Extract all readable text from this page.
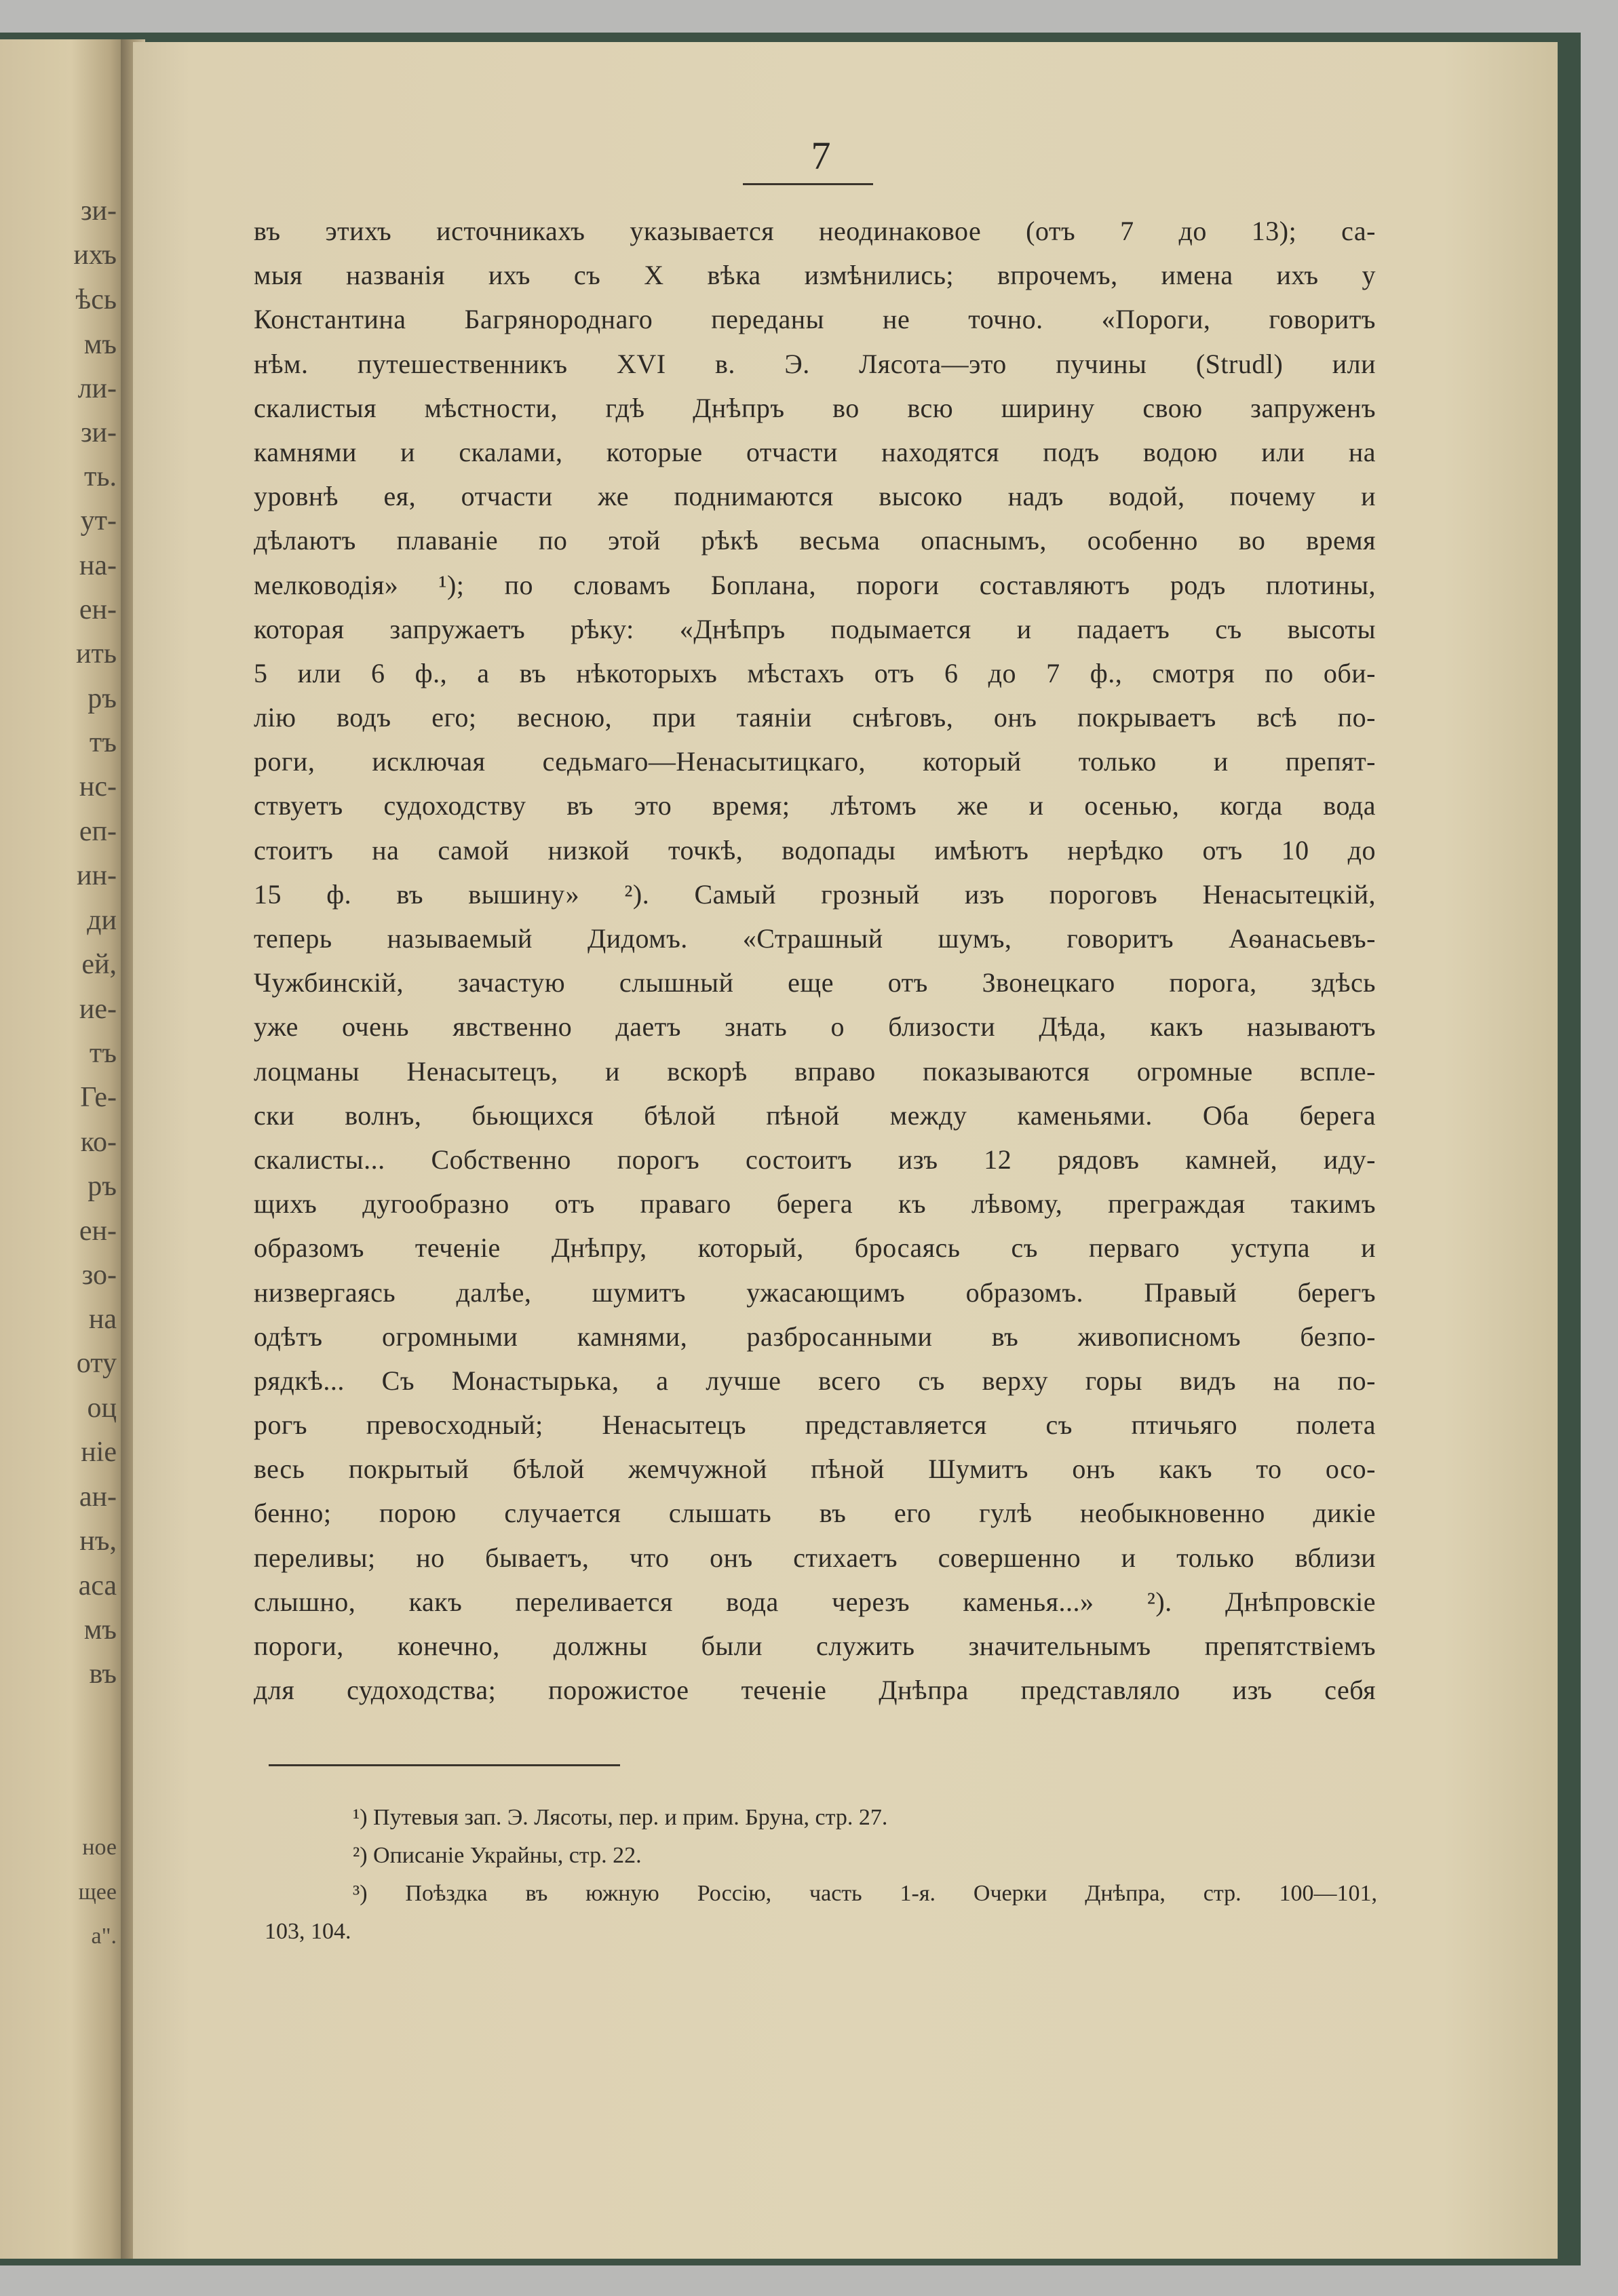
зи-
ихъ
ѣсь
мъ
ли-
зи-
ть.
ут-
на-
ен-
ить
ръ
тъ
нс-
еп-
ин-
ди
ей,
ие-
тъ
Ге-
ко-
ръ
ен-
зо-
на
оту
оц
ніе
ан-
нъ,
аса
мъ
въ
ное
щее
а".
7
въ этихъ источникахъ указывается неодинаковое (отъ 7 до 13); са-
мыя названія ихъ съ X вѣка измѣнились; впрочемъ, имена ихъ у
Константина Багрянороднаго переданы не точно. «Пороги, говоритъ
нѣм. путешественникъ XVI в. Э. Лясота—это пучины (Strudl) или
скалистыя мѣстности, гдѣ Днѣпръ во всю ширину свою запруженъ
камнями и скалами, которые отчасти находятся подъ водою или на
уровнѣ ея, отчасти же поднимаются высоко надъ водой, почему и
дѣлаютъ плаваніе по этой рѣкѣ весьма опаснымъ, особенно во время
мелководія» ¹); по словамъ Боплана, пороги составляютъ родъ плотины,
которая запружаетъ рѣку: «Днѣпръ подымается и падаетъ съ высоты
5 или 6 ф., а въ нѣкоторыхъ мѣстахъ отъ 6 до 7 ф., смотря по оби-
лію водъ его; весною, при таяніи снѣговъ, онъ покрываетъ всѣ по-
роги, исключая седьмаго—Ненасытицкаго, который только и препят-
ствуетъ судоходству въ это время; лѣтомъ же и осенью, когда вода
стоитъ на самой низкой точкѣ, водопады имѣютъ нерѣдко отъ 10 до
15 ф. въ вышину» ²). Самый грозный изъ пороговъ Ненасытецкій,
теперь называемый Дидомъ. «Страшный шумъ, говоритъ Аѳанасьевъ-
Чужбинскій, зачастую слышный еще отъ Звонецкаго порога, здѣсь
уже очень явственно даетъ знать о близости Дѣда, какъ называютъ
лоцманы Ненасытецъ, и вскорѣ вправо показываются огромные вспле-
ски волнъ, бьющихся бѣлой пѣной между каменьями. Оба берега
скалисты... Собственно порогъ состоитъ изъ 12 рядовъ камней, иду-
щихъ дугообразно отъ праваго берега къ лѣвому, преграждая такимъ
образомъ теченіе Днѣпру, который, бросаясь съ перваго уступа и
низвергаясь далѣе, шумитъ ужасающимъ образомъ. Правый берегъ
одѣтъ огромными камнями, разбросанными въ живописномъ безпо-
рядкѣ... Съ Монастырька, а лучше всего съ верху горы видъ на по-
рогъ превосходный; Ненасытецъ представляется съ птичьяго полета
весь покрытый бѣлой жемчужной пѣной Шумитъ онъ какъ то осо-
бенно; порою случается слышать въ его гулѣ необыкновенно дикіе
переливы; но бываетъ, что онъ стихаетъ совершенно и только вблизи
слышно, какъ переливается вода черезъ каменья...» ²). Днѣпровскіе
пороги, конечно, должны были служить значительнымъ препятствіемъ
для судоходства; порожистое теченіе Днѣпра представляло изъ себя
¹) Путевыя зап. Э. Лясоты, пер. и прим. Бруна, стр. 27.
²) Описаніе Украйны, стр. 22.
³) Поѣздка въ южную Россію, часть 1-я. Очерки Днѣпра, стр. 100—101,
103, 104.
